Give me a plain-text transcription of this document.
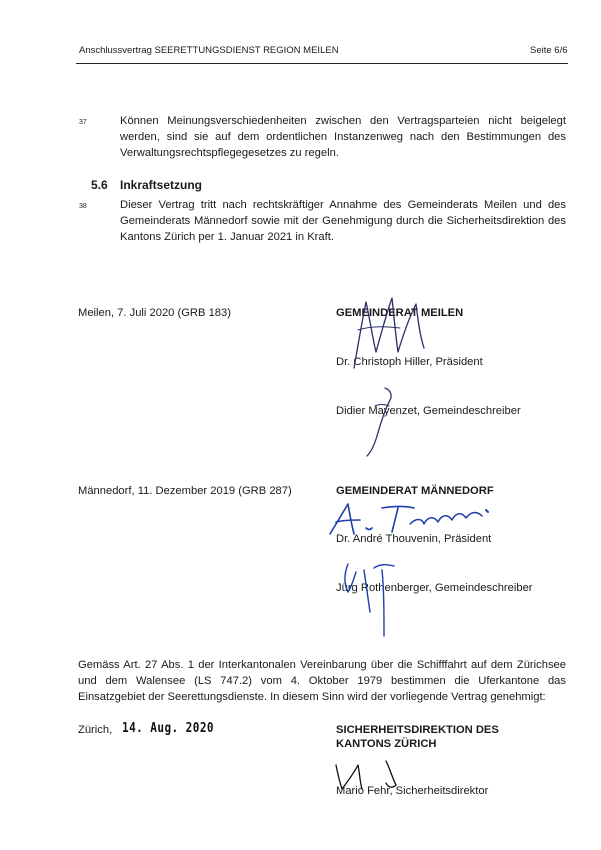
Anschlussvertrag SEERETTUNGSDIENST REGION MEILEN	Seite 6/6
37	Können Meinungsverschiedenheiten zwischen den Vertragsparteien nicht beigelegt werden, sind sie auf dem ordentlichen Instanzenweg nach den Bestimmungen des Verwaltungsrechtspflegegesetzes zu regeln.
5.6 Inkraftsetzung
38	Dieser Vertrag tritt nach rechtskräftiger Annahme des Gemeinderats Meilen und des Gemeinderats Männedorf sowie mit der Genehmigung durch die Sicherheitsdirektion des Kantons Zürich per 1. Januar 2021 in Kraft.
Meilen, 7. Juli 2020 (GRB 183)	GEMEINDERAT MEILEN
Dr. Christoph Hiller, Präsident
Didier Mayenzet, Gemeindeschreiber
Männedorf, 11. Dezember 2019 (GRB 287)	GEMEINDERAT MÄNNEDORF
Dr. André Thouvenin, Präsident
Jürg Rothenberger, Gemeindeschreiber
Gemäss Art. 27 Abs. 1 der Interkantonalen Vereinbarung über die Schifffahrt auf dem Zürichsee und dem Walensee (LS 747.2) vom 4. Oktober 1979 bestimmen die Uferkantone das Einsatzgebiet der Seerettungsdienste. In diesem Sinn wird der vorliegende Vertrag genehmigt:
Zürich, 14. Aug. 2020	SICHERHEITSDIREKTION DES
KANTONS ZÜRICH
Mario Fehr, Sicherheitsdirektor
